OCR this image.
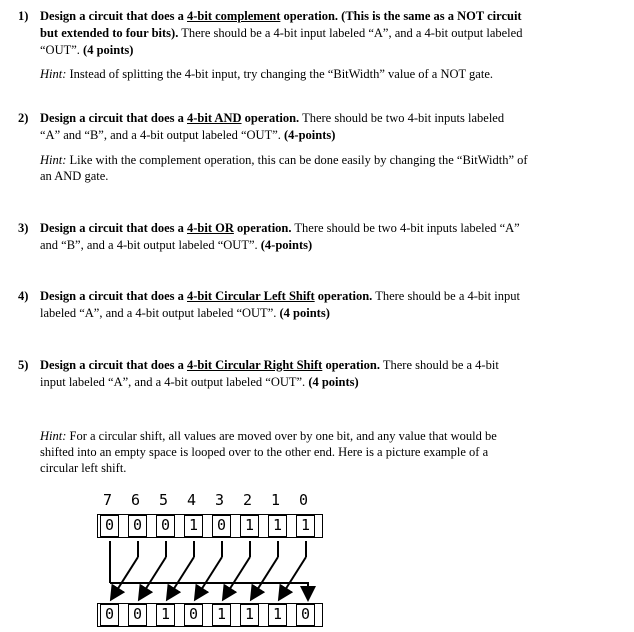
1) Design a circuit that does a 4-bit complement operation. (This is the same as a NOT circuit
but extended to four bits). There should be a 4-bit input labeled “A”, and a 4-bit output labeled
“OUT”. (4 points)
Hint: Instead of splitting the 4-bit input, try changing the “BitWidth” value of a NOT gate.
2) Design a circuit that does a 4-bit AND operation. There should be two 4-bit inputs labeled
“A” and “B”, and a 4-bit output labeled “OUT”. (4-points)
Hint: Like with the complement operation, this can be done easily by changing the “BitWidth” of
an AND gate.
3) Design a circuit that does a 4-bit OR operation. There should be two 4-bit inputs labeled “A”
and “B”, and a 4-bit output labeled “OUT”. (4-points)
4) Design a circuit that does a 4-bit Circular Left Shift operation. There should be a 4-bit input
labeled “A”, and a 4-bit output labeled “OUT”. (4 points)
5) Design a circuit that does a 4-bit Circular Right Shift operation. There should be a 4-bit
input labeled “A”, and a 4-bit output labeled “OUT”. (4 points)
Hint: For a circular shift, all values are moved over by one bit, and any value that would be
shifted into an empty space is looped over to the other end. Here is a picture example of a
circular left shift.
7 6 5 4 3 2 1 0
0	0	0	1	0	1	1	1
0	0	1	0	1	1	1	0
